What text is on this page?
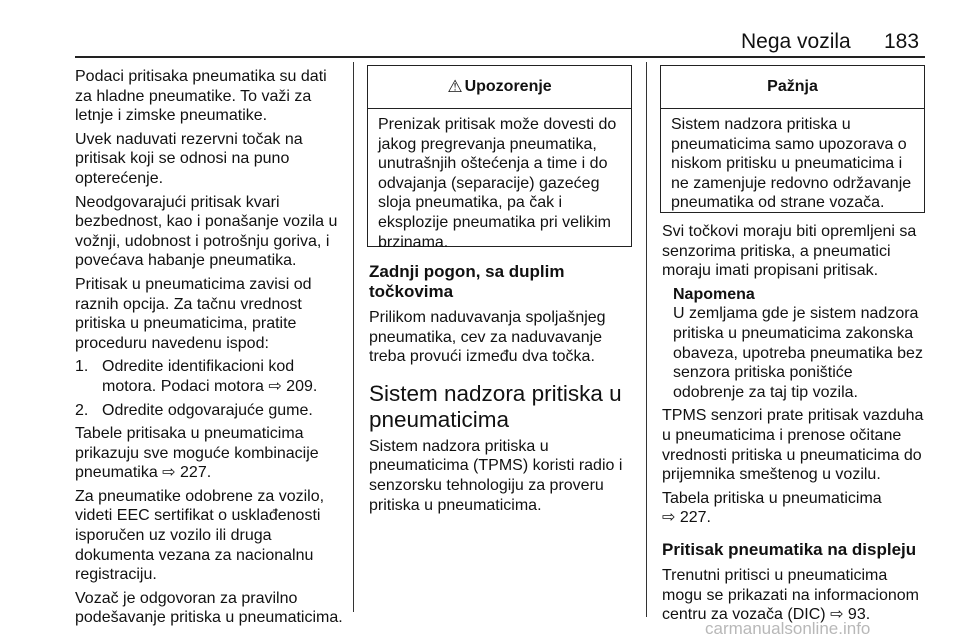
Nega vozila 183

Podaci pritisaka pneumatika su dati za hladne pneumatike. To važi za letnje i zimske pneumatike.

Uvek naduvati rezervni točak na pritisak koji se odnosi na puno opterećenje.

Neodgovarajući pritisak kvari bezbednost, kao i ponašanje vozila u vožnji, udobnost i potrošnju goriva, i povećava habanje pneumatika.

Pritisak u pneumaticima zavisi od raznih opcija. Za tačnu vrednost pritiska u pneumaticima, pratite proceduru navedenu ispod:

1. Odredite identifikacioni kod motora. Podaci motora ⇨ 209.
2. Odredite odgovarajuće gume.

Tabele pritisaka u pneumaticima prikazuju sve moguće kombinacije pneumatika ⇨ 227.

Za pneumatike odobrene za vozilo, videti EEC sertifikat o usklađenosti isporučen uz vozilo ili druga dokumenta vezana za nacionalnu registraciju.

Vozač je odgovoran za pravilno podešavanje pritiska u pneumaticima.

⚠ Upozorenje
Prenizak pritisak može dovesti do jakog pregrevanja pneumatika, unutrašnjih oštećenja a time i do odvajanja (separacije) gazećeg sloja pneumatika, pa čak i eksplozije pneumatika pri velikim brzinama.
Zadnji pogon, sa duplim točkovima

Prilikom naduvavanja spoljašnjeg pneumatika, cev za naduvavanje treba provući između dva točka.

Sistem nadzora pritiska u pneumaticima

Sistem nadzora pritiska u pneumaticima (TPMS) koristi radio i senzorsku tehnologiju za proveru pritiska u pneumaticima.

Pažnja
Sistem nadzora pritiska u pneumaticima samo upozorava o niskom pritisku u pneumaticima i ne zamenjuje redovno održavanje pneumatika od strane vozača.

Svi točkovi moraju biti opremljeni sa senzorima pritiska, a pneumatici moraju imati propisani pritisak.

Napomena
U zemljama gde je sistem nadzora pritiska u pneumaticima zakonska obaveza, upotreba pneumatika bez senzora pritiska poništiće odobrenje za taj tip vozila.

TPMS senzori prate pritisak vazduha u pneumaticima i prenose očitane vrednosti pritiska u pneumaticima do prijemnika smeštenog u vozilu.

Tabela pritiska u pneumaticima
⇨ 227.

Pritisak pneumatika na displeju

Trenutni pritisci u pneumaticima mogu se prikazati na informacionom centru za vozača (DIC) ⇨ 93.

carmanualsonline.info
